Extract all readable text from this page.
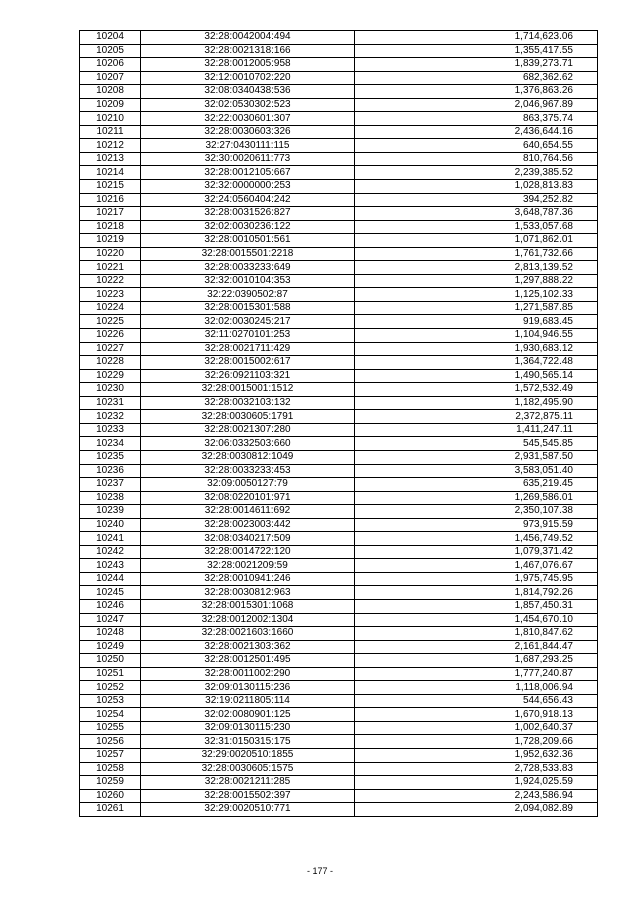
10204	32:28:0042004:494	1,714,623.06
10205	32:28:0021318:166	1,355,417.55
10206	32:28:0012005:958	1,839,273.71
10207	32:12:0010702:220	682,362.62
10208	32:08:0340438:536	1,376,863.26
10209	32:02:0530302:523	2,046,967.89
10210	32:22:0030601:307	863,375.74
10211	32:28:0030603:326	2,436,644.16
10212	32:27:0430111:115	640,654.55
10213	32:30:0020611:773	810,764.56
10214	32:28:0012105:667	2,239,385.52
10215	32:32:0000000:253	1,028,813.83
10216	32:24:0560404:242	394,252.82
10217	32:28:0031526:827	3,648,787.36
10218	32:02:0030236:122	1,533,057.68
10219	32:28:0010501:561	1,071,862.01
10220	32:28:0015501:2218	1,761,732.66
10221	32:28:0033233:649	2,813,139.52
10222	32:32:0010104:353	1,297,888.22
10223	32:22:0390502:87	1,125,102.33
10224	32:28:0015301:588	1,271,587.85
10225	32:02:0030245:217	919,683.45
10226	32:11:0270101:253	1,104,946.55
10227	32:28:0021711:429	1,930,683.12
10228	32:28:0015002:617	1,364,722.48
10229	32:26:0921103:321	1,490,565.14
10230	32:28:0015001:1512	1,572,532.49
10231	32:28:0032103:132	1,182,495.90
10232	32:28:0030605:1791	2,372,875.11
10233	32:28:0021307:280	1,411,247.11
10234	32:06:0332503:660	545,545.85
10235	32:28:0030812:1049	2,931,587.50
10236	32:28:0033233:453	3,583,051.40
10237	32:09:0050127:79	635,219.45
10238	32:08:0220101:971	1,269,586.01
10239	32:28:0014611:692	2,350,107.38
10240	32:28:0023003:442	973,915.59
10241	32:08:0340217:509	1,456,749.52
10242	32:28:0014722:120	1,079,371.42
10243	32:28:0021209:59	1,467,076.67
10244	32:28:0010941:246	1,975,745.95
10245	32:28:0030812:963	1,814,792.26
10246	32:28:0015301:1068	1,857,450.31
10247	32:28:0012002:1304	1,454,670.10
10248	32:28:0021603:1660	1,810,847.62
10249	32:28:0021303:362	2,161,844.47
10250	32:28:0012501:495	1,687,293.25
10251	32:28:0011002:290	1,777,240.87
10252	32:09:0130115:236	1,118,006.94
10253	32:19:0211805:114	544,656.43
10254	32:02:0080901:125	1,670,918.13
10255	32:09:0130115:230	1,002,640.37
10256	32:31:0150315:175	1,728,209.66
10257	32:29:0020510:1855	1,952,632.36
10258	32:28:0030605:1575	2,728,533.83
10259	32:28:0021211:285	1,924,025.59
10260	32:28:0015502:397	2,243,586.94
10261	32:29:0020510:771	2,094,082.89
- 177 -
